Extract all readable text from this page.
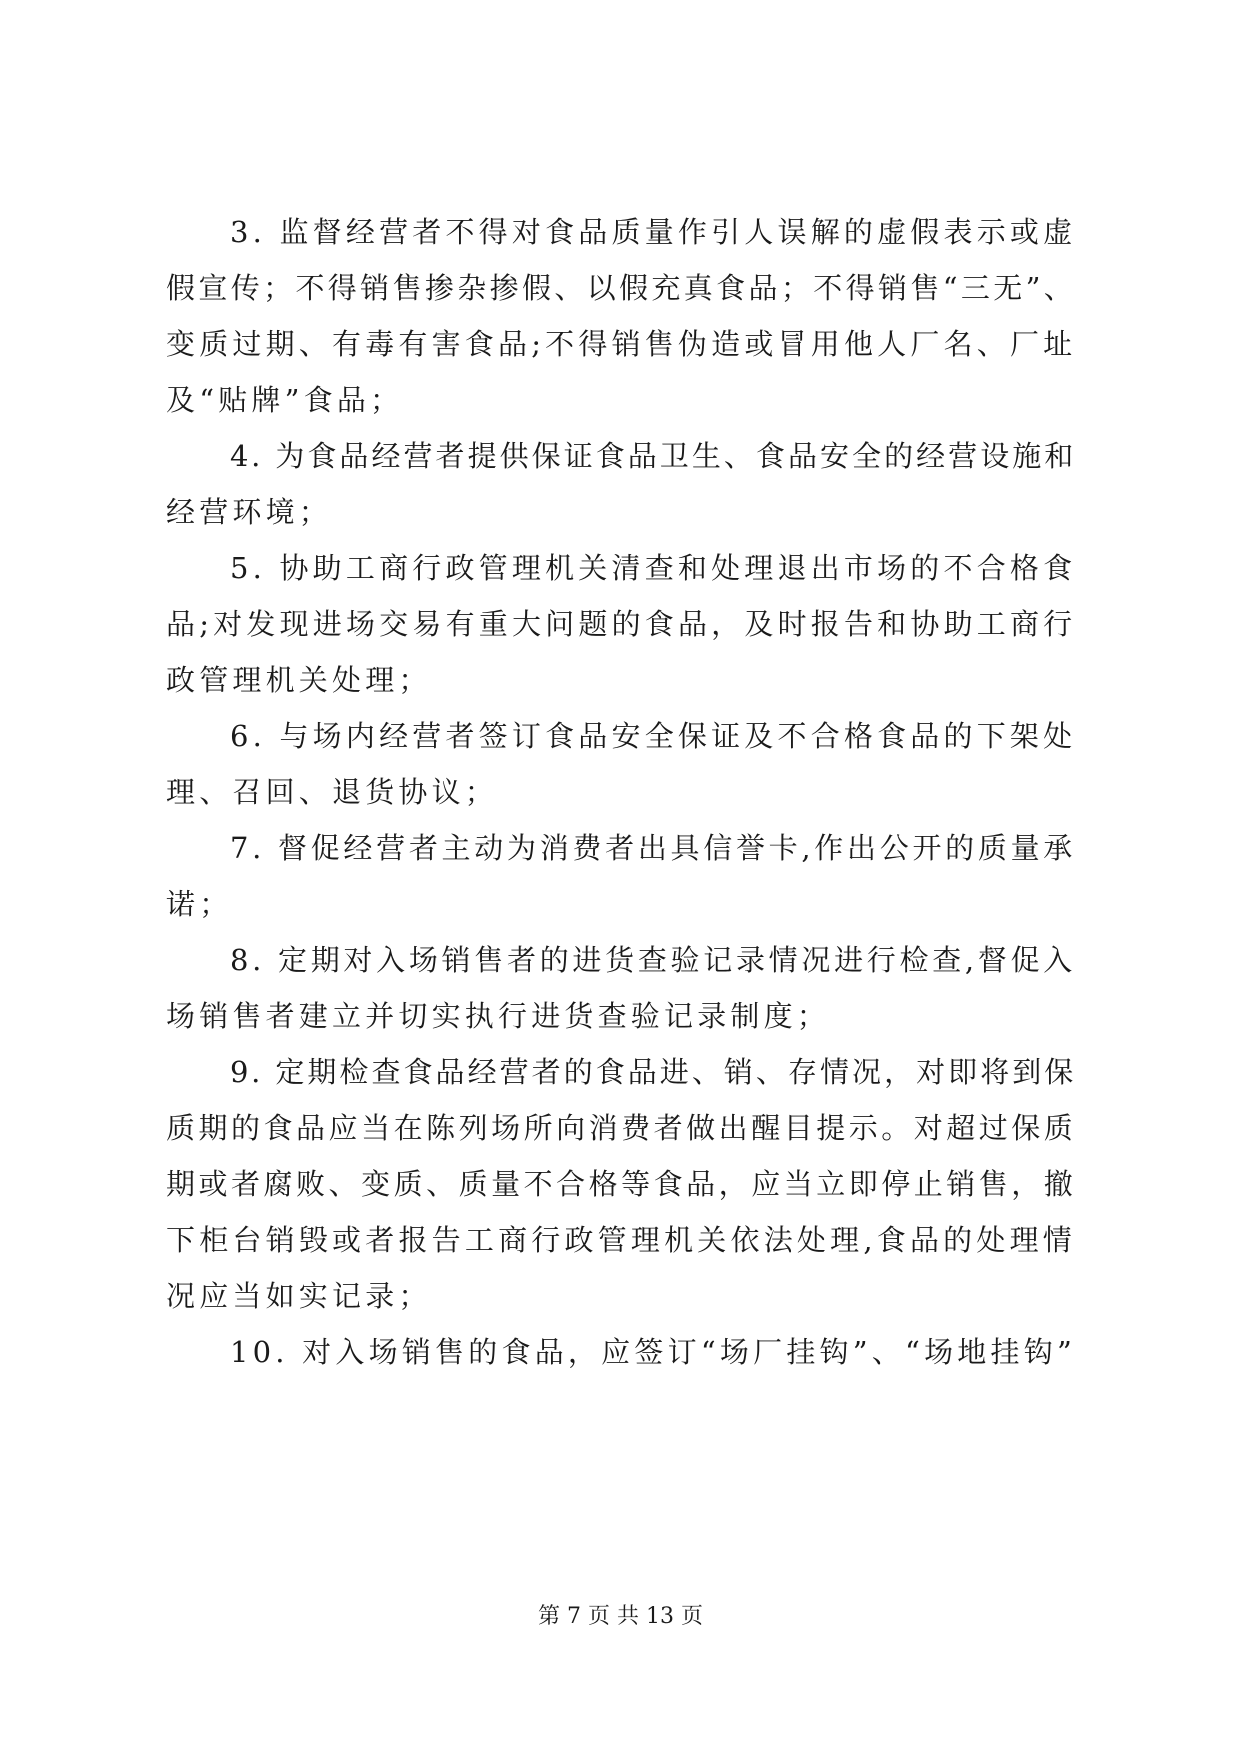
3. 监督经营者不得对食品质量作引人误解的虚假表示或虚
假宣传；不得销售掺杂掺假、以假充真食品；不得销售“三无”、
变质过期、有毒有害食品;不得销售伪造或冒用他人厂名、厂址
及“贴牌”食品；
4. 为食品经营者提供保证食品卫生、食品安全的经营设施和
经营环境；
5. 协助工商行政管理机关清查和处理退出市场的不合格食
品;对发现进场交易有重大问题的食品，及时报告和协助工商行
政管理机关处理；
6. 与场内经营者签订食品安全保证及不合格食品的下架处
理、召回、退货协议；
7. 督促经营者主动为消费者出具信誉卡,作出公开的质量承
诺；
8. 定期对入场销售者的进货查验记录情况进行检查,督促入
场销售者建立并切实执行进货查验记录制度；
9. 定期检查食品经营者的食品进、销、存情况，对即将到保
质期的食品应当在陈列场所向消费者做出醒目提示。对超过保质
期或者腐败、变质、质量不合格等食品，应当立即停止销售，撤
下柜台销毁或者报告工商行政管理机关依法处理,食品的处理情
况应当如实记录；
10. 对入场销售的食品，应签订“场厂挂钩”、“场地挂钩”
第 7 页 共 13 页
